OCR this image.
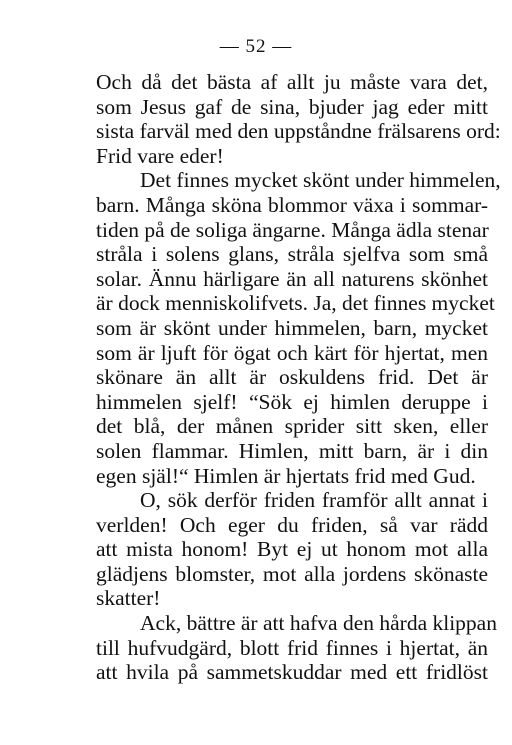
— 52 —
Och då det bästa af allt ju måste vara det,
som Jesus gaf de sina, bjuder jag eder mitt
sista farväl med den uppståndne frälsarens ord:
Frid vare eder!
Det finnes mycket skönt under himmelen,
barn. Många sköna blommor växa i sommar-
tiden på de soliga ängarne. Många ädla stenar
stråla i solens glans, stråla sjelfva som små
solar. Ännu härligare än all naturens skönhet
är dock menniskolifvets. Ja, det finnes mycket
som är skönt under himmelen, barn, mycket
som är ljuft för ögat och kärt för hjertat, men
skönare än allt är oskuldens frid. Det är
himmelen sjelf! “Sök ej himlen deruppe i
det blå, der månen sprider sitt sken, eller
solen flammar. Himlen, mitt barn, är i din
egen själ!“ Himlen är hjertats frid med Gud.
O, sök derför friden framför allt annat i
verlden! Och eger du friden, så var rädd
att mista honom! Byt ej ut honom mot alla
glädjens blomster, mot alla jordens skönaste
skatter!
Ack, bättre är att hafva den hårda klippan
till hufvudgärd, blott frid finnes i hjertat, än
att hvila på sammetskuddar med ett fridlöst
